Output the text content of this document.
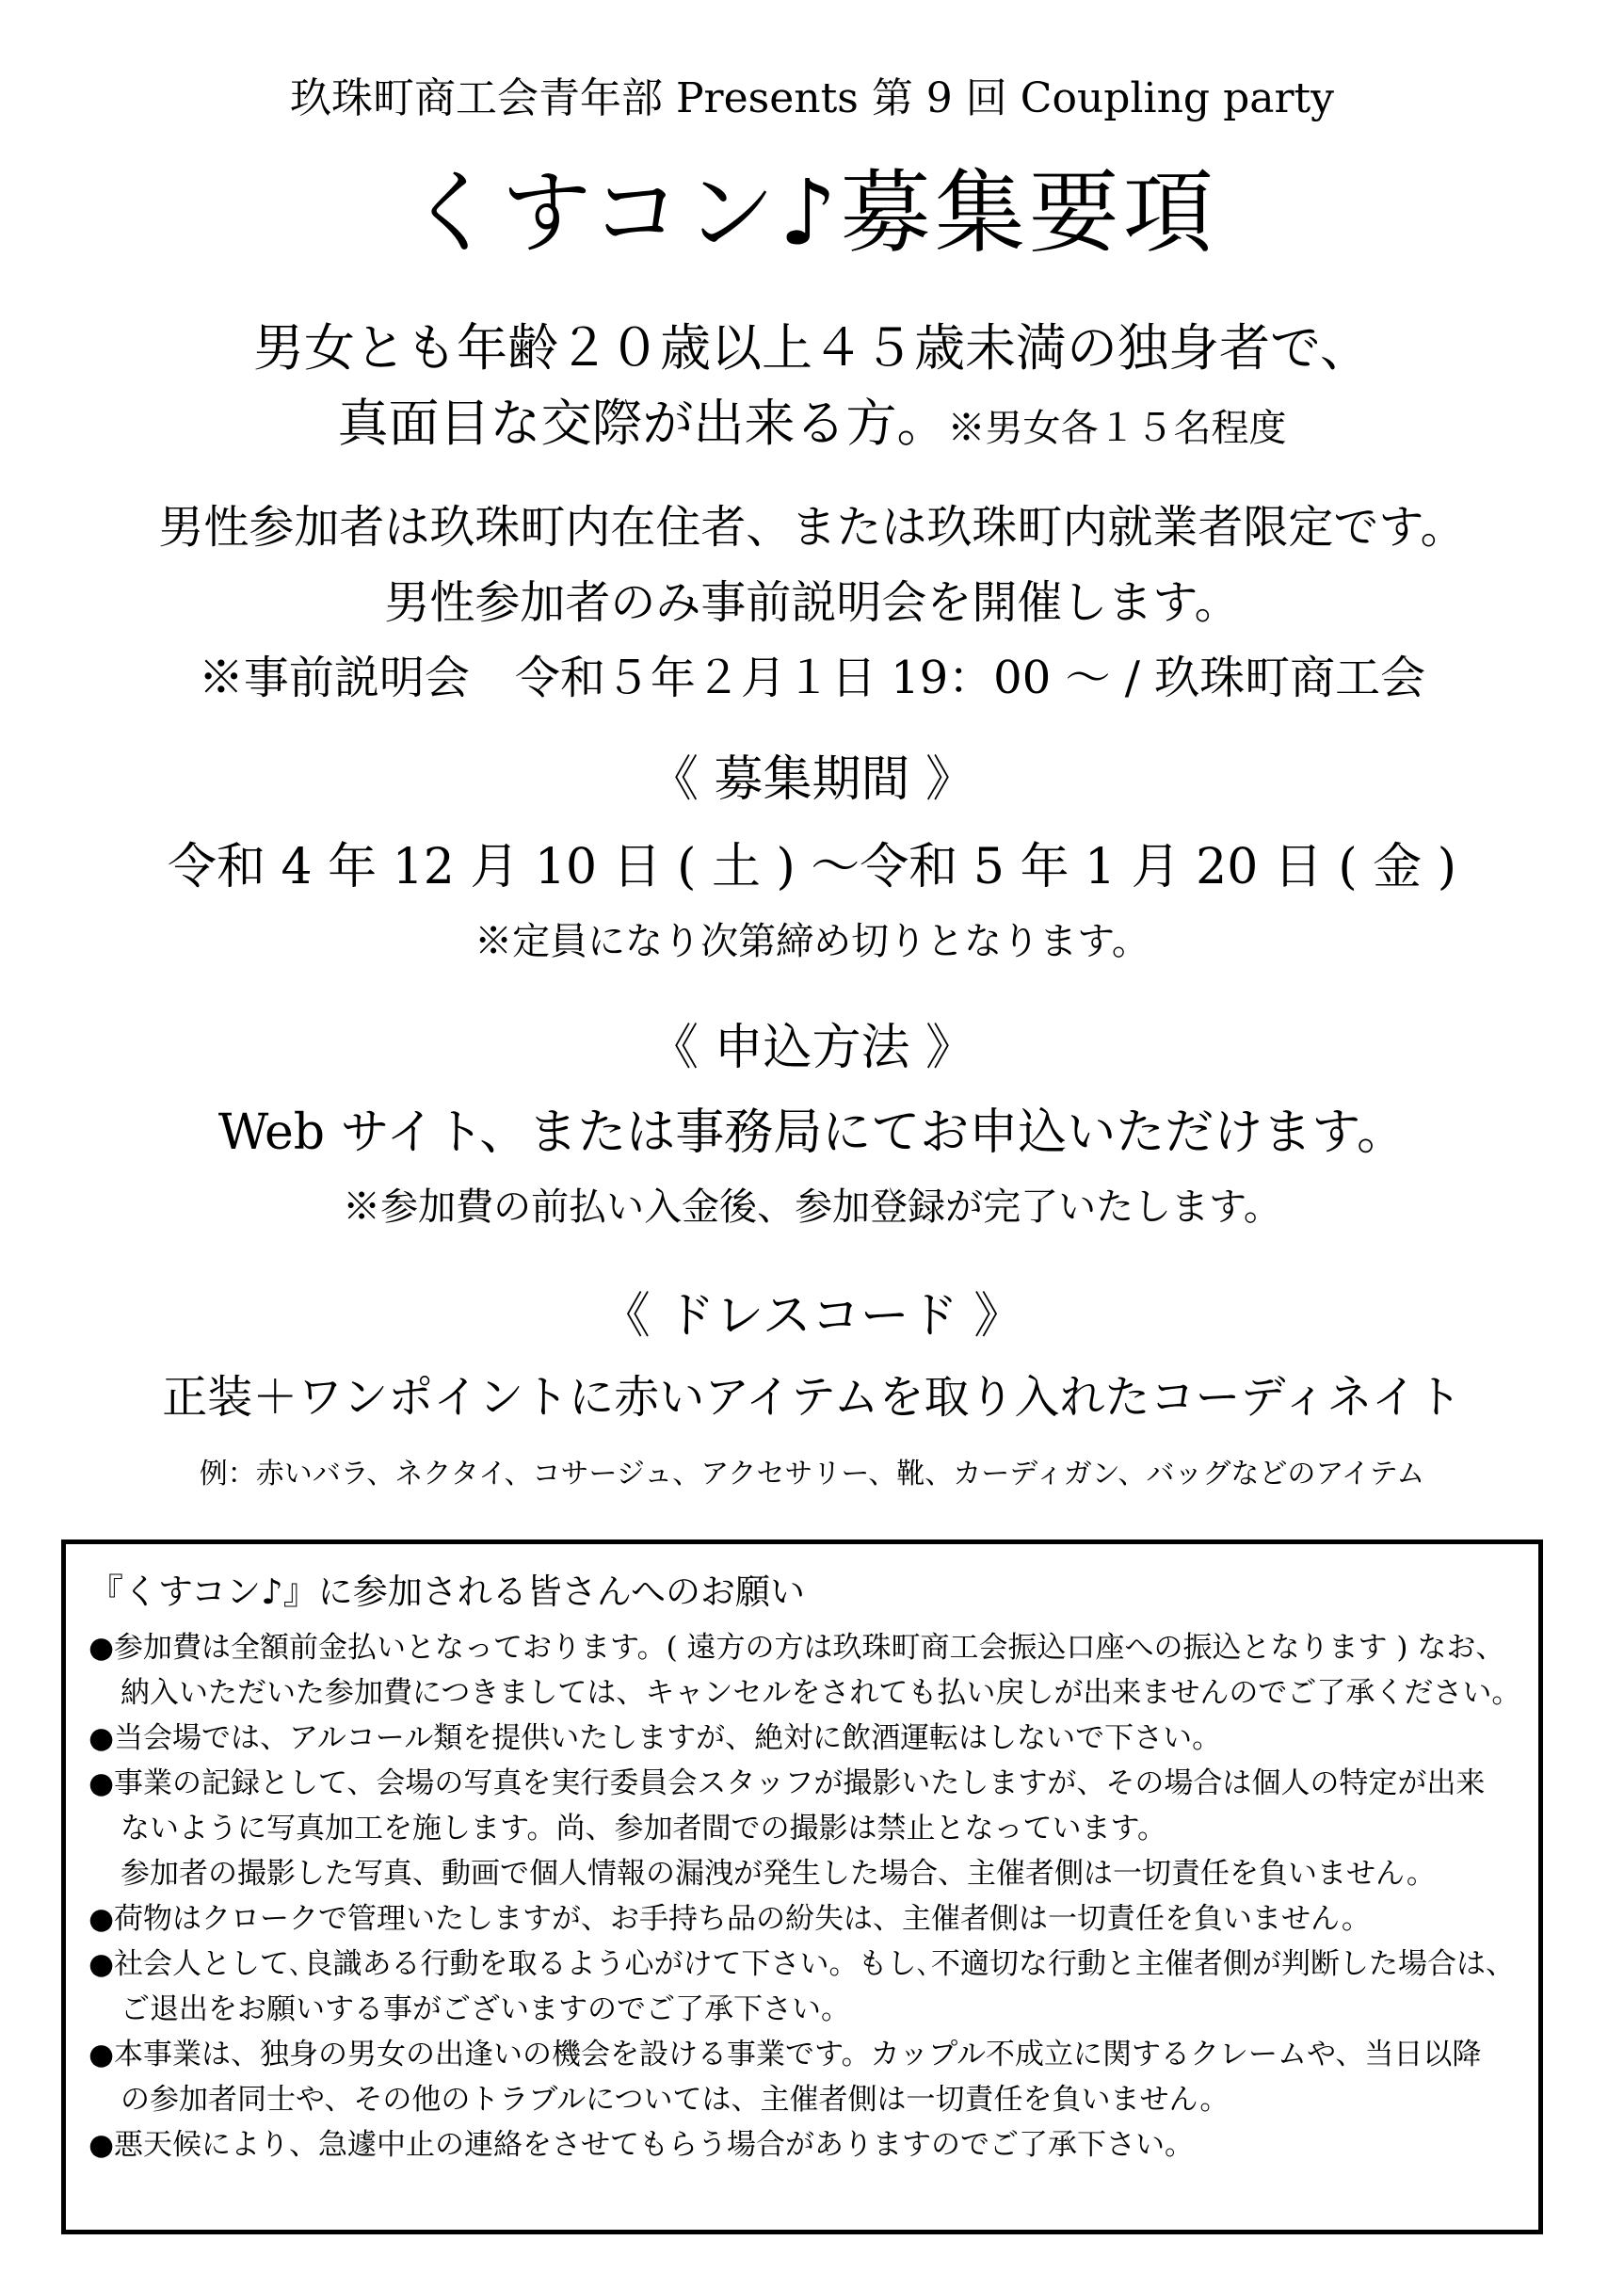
玖珠町商工会青年部 Presents 第 9 回 Coupling party
くすコン♪募集要項
男女とも年齢２０歳以上４５歳未満の独身者で、
真面目な交際が出来る方。※男女各１５名程度
男性参加者は玖珠町内在住者、または玖珠町内就業者限定です。
男性参加者のみ事前説明会を開催します。
※事前説明会　令和５年２月１日 19：00 ～ / 玖珠町商工会
《 募集期間 》
令和 4 年 12 月 10 日 ( 土 ) ～令和 5 年 1 月 20 日 ( 金 )
※定員になり次第締め切りとなります。
《 申込方法 》
Web サイト、または事務局にてお申込いただけます。
※参加費の前払い入金後、参加登録が完了いたします。
《 ドレスコード 》
正装＋ワンポイントに赤いアイテムを取り入れたコーディネイト
例：赤いバラ、ネクタイ、コサージュ、アクセサリー、靴、カーディガン、バッグなどのアイテム
『くすコン♪』に参加される皆さんへのお願い
●参加費は全額前金払いとなっております。( 遠方の方は玖珠町商工会振込口座への振込となります ) なお、
納入いただいた参加費につきましては、キャンセルをされても払い戻しが出来ませんのでご了承ください。
●当会場では、アルコール類を提供いたしますが、絶対に飲酒運転はしないで下さい。
●事業の記録として、会場の写真を実行委員会スタッフが撮影いたしますが、その場合は個人の特定が出来
ないように写真加工を施します。尚、参加者間での撮影は禁止となっています。
参加者の撮影した写真、動画で個人情報の漏洩が発生した場合、主催者側は一切責任を負いません。
●荷物はクロークで管理いたしますが、お手持ち品の紛失は、主催者側は一切責任を負いません。
●社会人として､良識ある行動を取るよう心がけて下さい。もし､不適切な行動と主催者側が判断した場合は、
ご退出をお願いする事がございますのでご了承下さい。
●本事業は、独身の男女の出逢いの機会を設ける事業です。カップル不成立に関するクレームや、当日以降
の参加者同士や、その他のトラブルについては、主催者側は一切責任を負いません。
●悪天候により、急遽中止の連絡をさせてもらう場合がありますのでご了承下さい。
